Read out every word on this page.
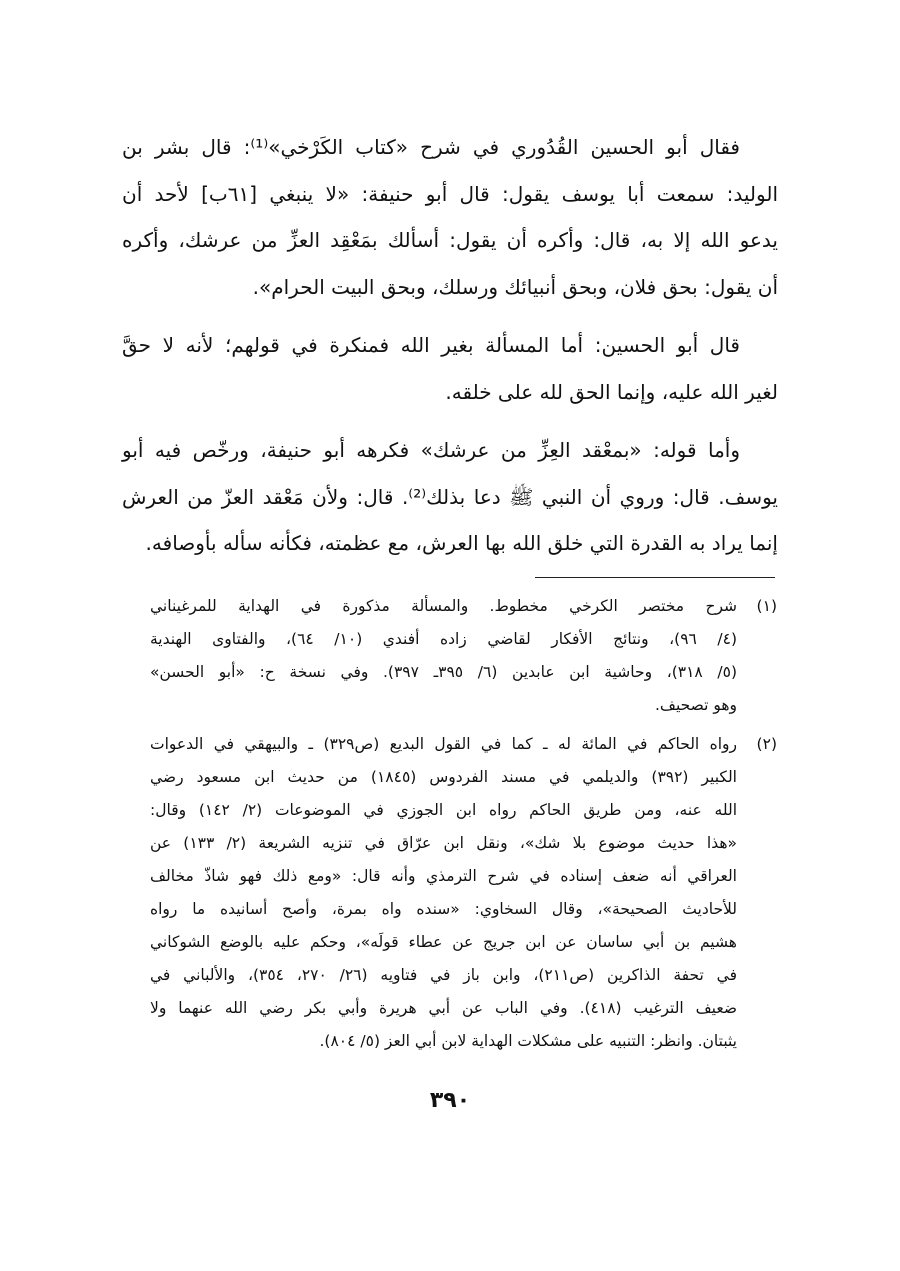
فقال أبو الحسين القُدُوري في شرح «كتاب الكَرْخي»⁽¹⁾: قال بشر بن
الوليد: سمعت أبا يوسف يقول: قال أبو حنيفة: «لا ينبغي [٦١ب] لأحد أن
يدعو الله إلا به، قال: وأكره أن يقول: أسألك بمَعْقِد العزِّ من عرشك، وأكره
أن يقول: بحق فلان، وبحق أنبيائك ورسلك، وبحق البيت الحرام».
قال أبو الحسين: أما المسألة بغير الله فمنكرة في قولهم؛ لأنه لا حقَّ
لغير الله عليه، وإنما الحق لله على خلقه.
وأما قوله: «بمعْقد العِزِّ من عرشك» فكرهه أبو حنيفة، ورخّص فيه أبو
يوسف. قال: وروي أن النبي ﷺ دعا بذلك⁽²⁾. قال: ولأن مَعْقد العزّ من العرش
إنما يراد به القدرة التي خلق الله بها العرش، مع عظمته، فكأنه سأله بأوصافه.
(١)
شرح مختصر الكرخي مخطوط. والمسألة مذكورة في الهداية للمرغيناني
(٤/ ٩٦)، ونتائج الأفكار لقاضي زاده أفندي (١٠/ ٦٤)، والفتاوى الهندية
(٥/ ٣١٨)، وحاشية ابن عابدين (٦/ ٣٩٥ـ ٣٩٧). وفي نسخة ح: «أبو الحسن»
وهو تصحيف.
(٢)
رواه الحاكم في المائة له ـ كما في القول البديع (ص٣٢٩) ـ والبيهقي في الدعوات
الكبير (٣٩٢) والديلمي في مسند الفردوس (١٨٤٥) من حديث ابن مسعود رضي
الله عنه، ومن طريق الحاكم رواه ابن الجوزي في الموضوعات (٢/ ١٤٢) وقال:
«هذا حديث موضوع بلا شك»، ونقل ابن عرّاق في تنزيه الشريعة (٢/ ١٣٣) عن
العراقي أنه ضعف إسناده في شرح الترمذي وأنه قال: «ومع ذلك فهو شاذّ مخالف
للأحاديث الصحيحة»، وقال السخاوي: «سنده واه بمرة، وأصح أسانيده ما رواه
هشيم بن أبي ساسان عن ابن جريج عن عطاء قولَه»، وحكم عليه بالوضع الشوكاني
في تحفة الذاكرين (ص٢١١)، وابن باز في فتاويه (٢٦/ ٢٧٠، ٣٥٤)، والألباني في
ضعيف الترغيب (٤١٨). وفي الباب عن أبي هريرة وأبي بكر رضي الله عنهما ولا
يثبتان. وانظر: التنبيه على مشكلات الهداية لابن أبي العز (٥/ ٨٠٤).
٣٩٠
